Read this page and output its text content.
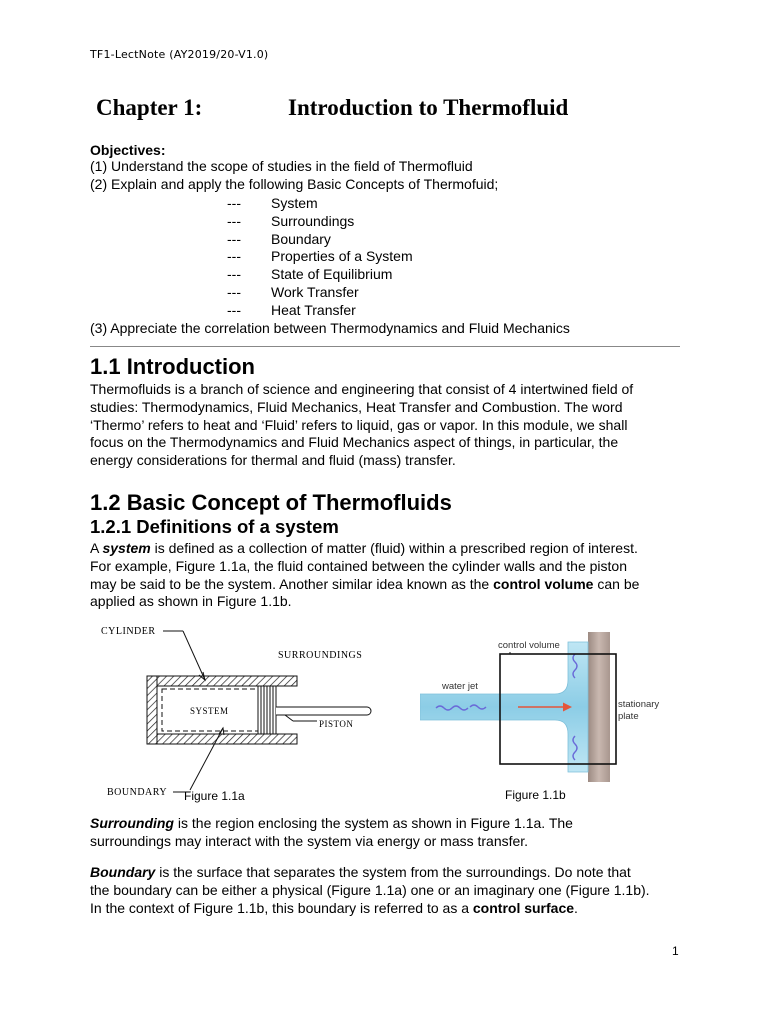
TF1-LectNote (AY2019/20-V1.0)
Chapter 1:	Introduction to Thermofluid
Objectives:
(1) Understand the scope of studies in the field of Thermofluid
(2) Explain and apply the following Basic Concepts of Thermofuid;
--- System
--- Surroundings
--- Boundary
--- Properties of a System
--- State of Equilibrium
--- Work Transfer
--- Heat Transfer
(3) Appreciate the correlation between Thermodynamics and Fluid Mechanics
1.1 Introduction
Thermofluids is a branch of science and engineering that consist of 4 intertwined field of
studies: Thermodynamics, Fluid Mechanics, Heat Transfer and Combustion. The word
‘Thermo’ refers to heat and ‘Fluid’ refers to liquid, gas or vapor. In this module, we shall
focus on the Thermodynamics and Fluid Mechanics aspect of things, in particular, the
energy considerations for thermal and fluid (mass) transfer.
1.2 Basic Concept of Thermofluids
1.2.1 Definitions of a system
A system is defined as a collection of matter (fluid) within a prescribed region of interest.
For example, Figure 1.1a, the fluid contained between the cylinder walls and the piston
may be said to be the system. Another similar idea known as the control volume can be
applied as shown in Figure 1.1b.
CYLINDER
SURROUNDINGS
SYSTEM
PISTON
BOUNDARY Figure 1.1a
control volume
water jet
stationary
plate
Figure 1.1b
Surrounding is the region enclosing the system as shown in Figure 1.1a. The
surroundings may interact with the system via energy or mass transfer.
Boundary is the surface that separates the system from the surroundings. Do note that
the boundary can be either a physical (Figure 1.1a) one or an imaginary one (Figure 1.1b).
In the context of Figure 1.1b, this boundary is referred to as a control surface.
1
